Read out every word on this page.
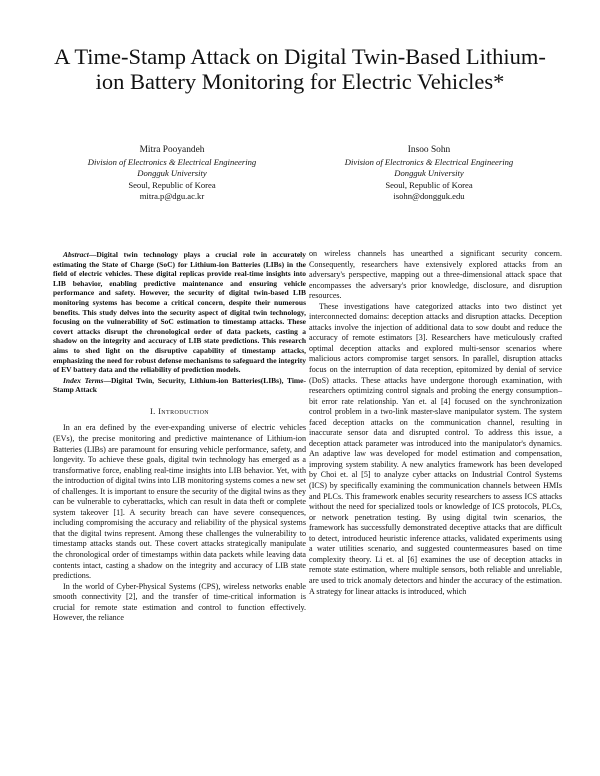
A Time-Stamp Attack on Digital Twin-Based Lithium-ion Battery Monitoring for Electric Vehicles*
Mitra Pooyandeh
Division of Electronics & Electrical Engineering
Dongguk University
Seoul, Republic of Korea
mitra.p@dgu.ac.kr
Insoo Sohn
Division of Electronics & Electrical Engineering
Dongguk University
Seoul, Republic of Korea
isohn@dongguk.edu

Abstract—Digital twin technology plays a crucial role in accurately estimating the State of Charge (SoC) for Lithium-ion Batteries (LIBs) in the field of electric vehicles. These digital replicas provide real-time insights into LIB behavior, enabling predictive maintenance and ensuring vehicle performance and safety. However, the security of digital twin-based LIB monitoring systems has become a critical concern, despite their numerous benefits. This study delves into the security aspect of digital twin technology, focusing on the vulnerability of SoC estimation to timestamp attacks. These covert attacks disrupt the chronological order of data packets, casting a shadow on the integrity and accuracy of LIB state predictions. This research aims to shed light on the disruptive capability of timestamp attacks, emphasizing the need for robust defense mechanisms to safeguard the integrity of EV battery data and the reliability of prediction models.

Index Terms—Digital Twin, Security, Lithium-ion Batteries(LIBs), Time-Stamp Attack

I. Introduction

In an era defined by the ever-expanding universe of electric vehicles (EVs), the precise monitoring and predictive maintenance of Lithium-ion Batteries (LIBs) are paramount for ensuring vehicle performance, safety, and longevity. To achieve these goals, digital twin technology has emerged as a transformative force, enabling real-time insights into LIB behavior. Yet, with the introduction of digital twins into LIB monitoring systems comes a new set of challenges. It is important to ensure the security of the digital twins as they can be vulnerable to cyberattacks, which can result in data theft or complete system takeover [1]. A security breach can have severe consequences, including compromising the accuracy and reliability of the physical systems that the digital twins represent. Among these challenges the vulnerability to timestamp attacks stands out. These covert attacks strategically manipulate the chronological order of timestamps within data packets while leaving data contents intact, casting a shadow on the integrity and accuracy of LIB state predictions.

In the world of Cyber-Physical Systems (CPS), wireless networks enable smooth connectivity [2], and the transfer of time-critical information is crucial for remote state estimation and control to function effectively. However, the reliance

on wireless channels has unearthed a significant security concern. Consequently, researchers have extensively explored attacks from an adversary's perspective, mapping out a three-dimensional attack space that encompasses the adversary's prior knowledge, disclosure, and disruption resources.

These investigations have categorized attacks into two distinct yet interconnected domains: deception attacks and disruption attacks. Deception attacks involve the injection of additional data to sow doubt and reduce the accuracy of remote estimators [3]. Researchers have meticulously crafted optimal deception attacks and explored multi-sensor scenarios where malicious actors compromise target sensors. In parallel, disruption attacks focus on the interruption of data reception, epitomized by denial of service (DoS) attacks. These attacks have undergone thorough examination, with researchers optimizing control signals and probing the energy consumption–bit error rate relationship. Yan et. al [4] focused on the synchronization control problem in a two-link master-slave manipulator system. The system faced deception attacks on the communication channel, resulting in inaccurate sensor data and disrupted control. To address this issue, a deception attack parameter was introduced into the manipulator's dynamics. An adaptive law was developed for model estimation and compensation, improving system stability. A new analytics framework has been developed by Choi et. al [5] to analyze cyber attacks on Industrial Control Systems (ICS) by specifically examining the communication channels between HMIs and PLCs. This framework enables security researchers to assess ICS attacks without the need for specialized tools or knowledge of ICS protocols, PLCs, or network penetration testing. By using digital twin scenarios, the framework has successfully demonstrated deceptive attacks that are difficult to detect, introduced heuristic inference attacks, validated experiments using a water utilities scenario, and suggested countermeasures based on time complexity theory. Li et. al [6] examines the use of deception attacks in remote state estimation, where multiple sensors, both reliable and unreliable, are used to trick anomaly detectors and hinder the accuracy of the estimation. A strategy for linear attacks is introduced, which
